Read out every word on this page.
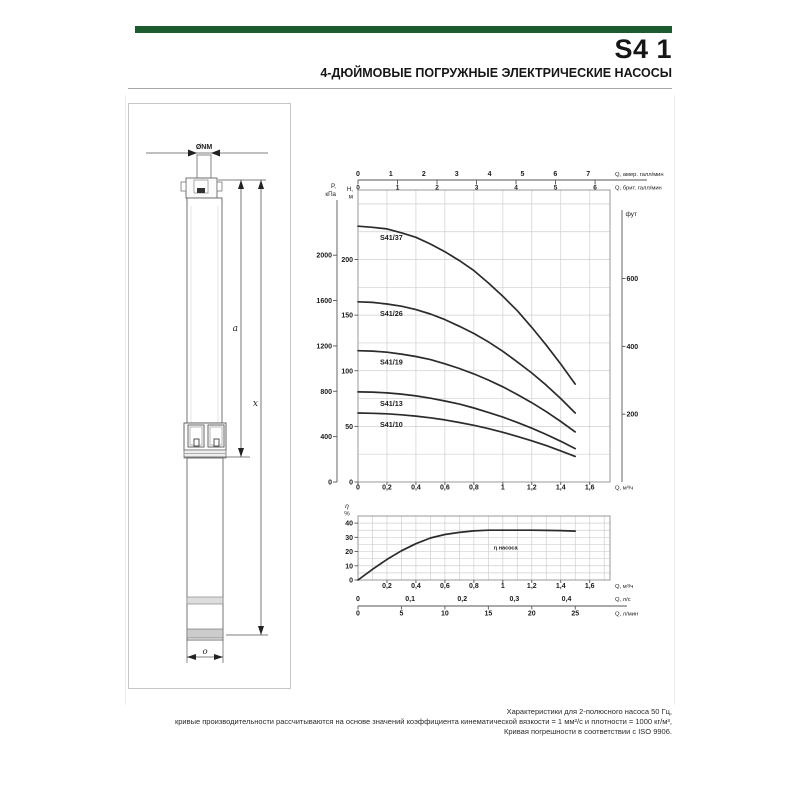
S4 1
4-ДЮЙМОВЫЕ ПОГРУЖНЫЕ ЭЛЕКТРИЧЕСКИЕ НАСОСЫ
ØNM
a
x
o
0	1	2	3	4	5	6	7	Q, амер. галл/мин
0	1	2	3	4	5	6	Q, брит. галл/мин
0
50
100
150
200
H,
м
0
400
800
1200
1600
2000
P,
кПа
фут
200
400
600
0	0,2	0,4	0,6	0,8	1	1,2	1,4	1,6	Q, м³/ч
S41/37
S41/26
S41/19
S41/13
S41/10
0
10
20
30
40
η
%
η насоса
0,2	0,4	0,6	0,8	1	1,2	1,4	1,6	Q, м³/ч
0	0,1	0,2	0,3	0,4	Q, л/с
0	5	10	15	20	25	Q, л/мин
Характеристики для 2-полюсного насоса 50 Гц,
кривые производительности рассчитываются на основе значений коэффициента кинематической вязкости = 1 мм²/с и плотности = 1000 кг/м³,
Кривая погрешности в соответствии с ISO 9906.
